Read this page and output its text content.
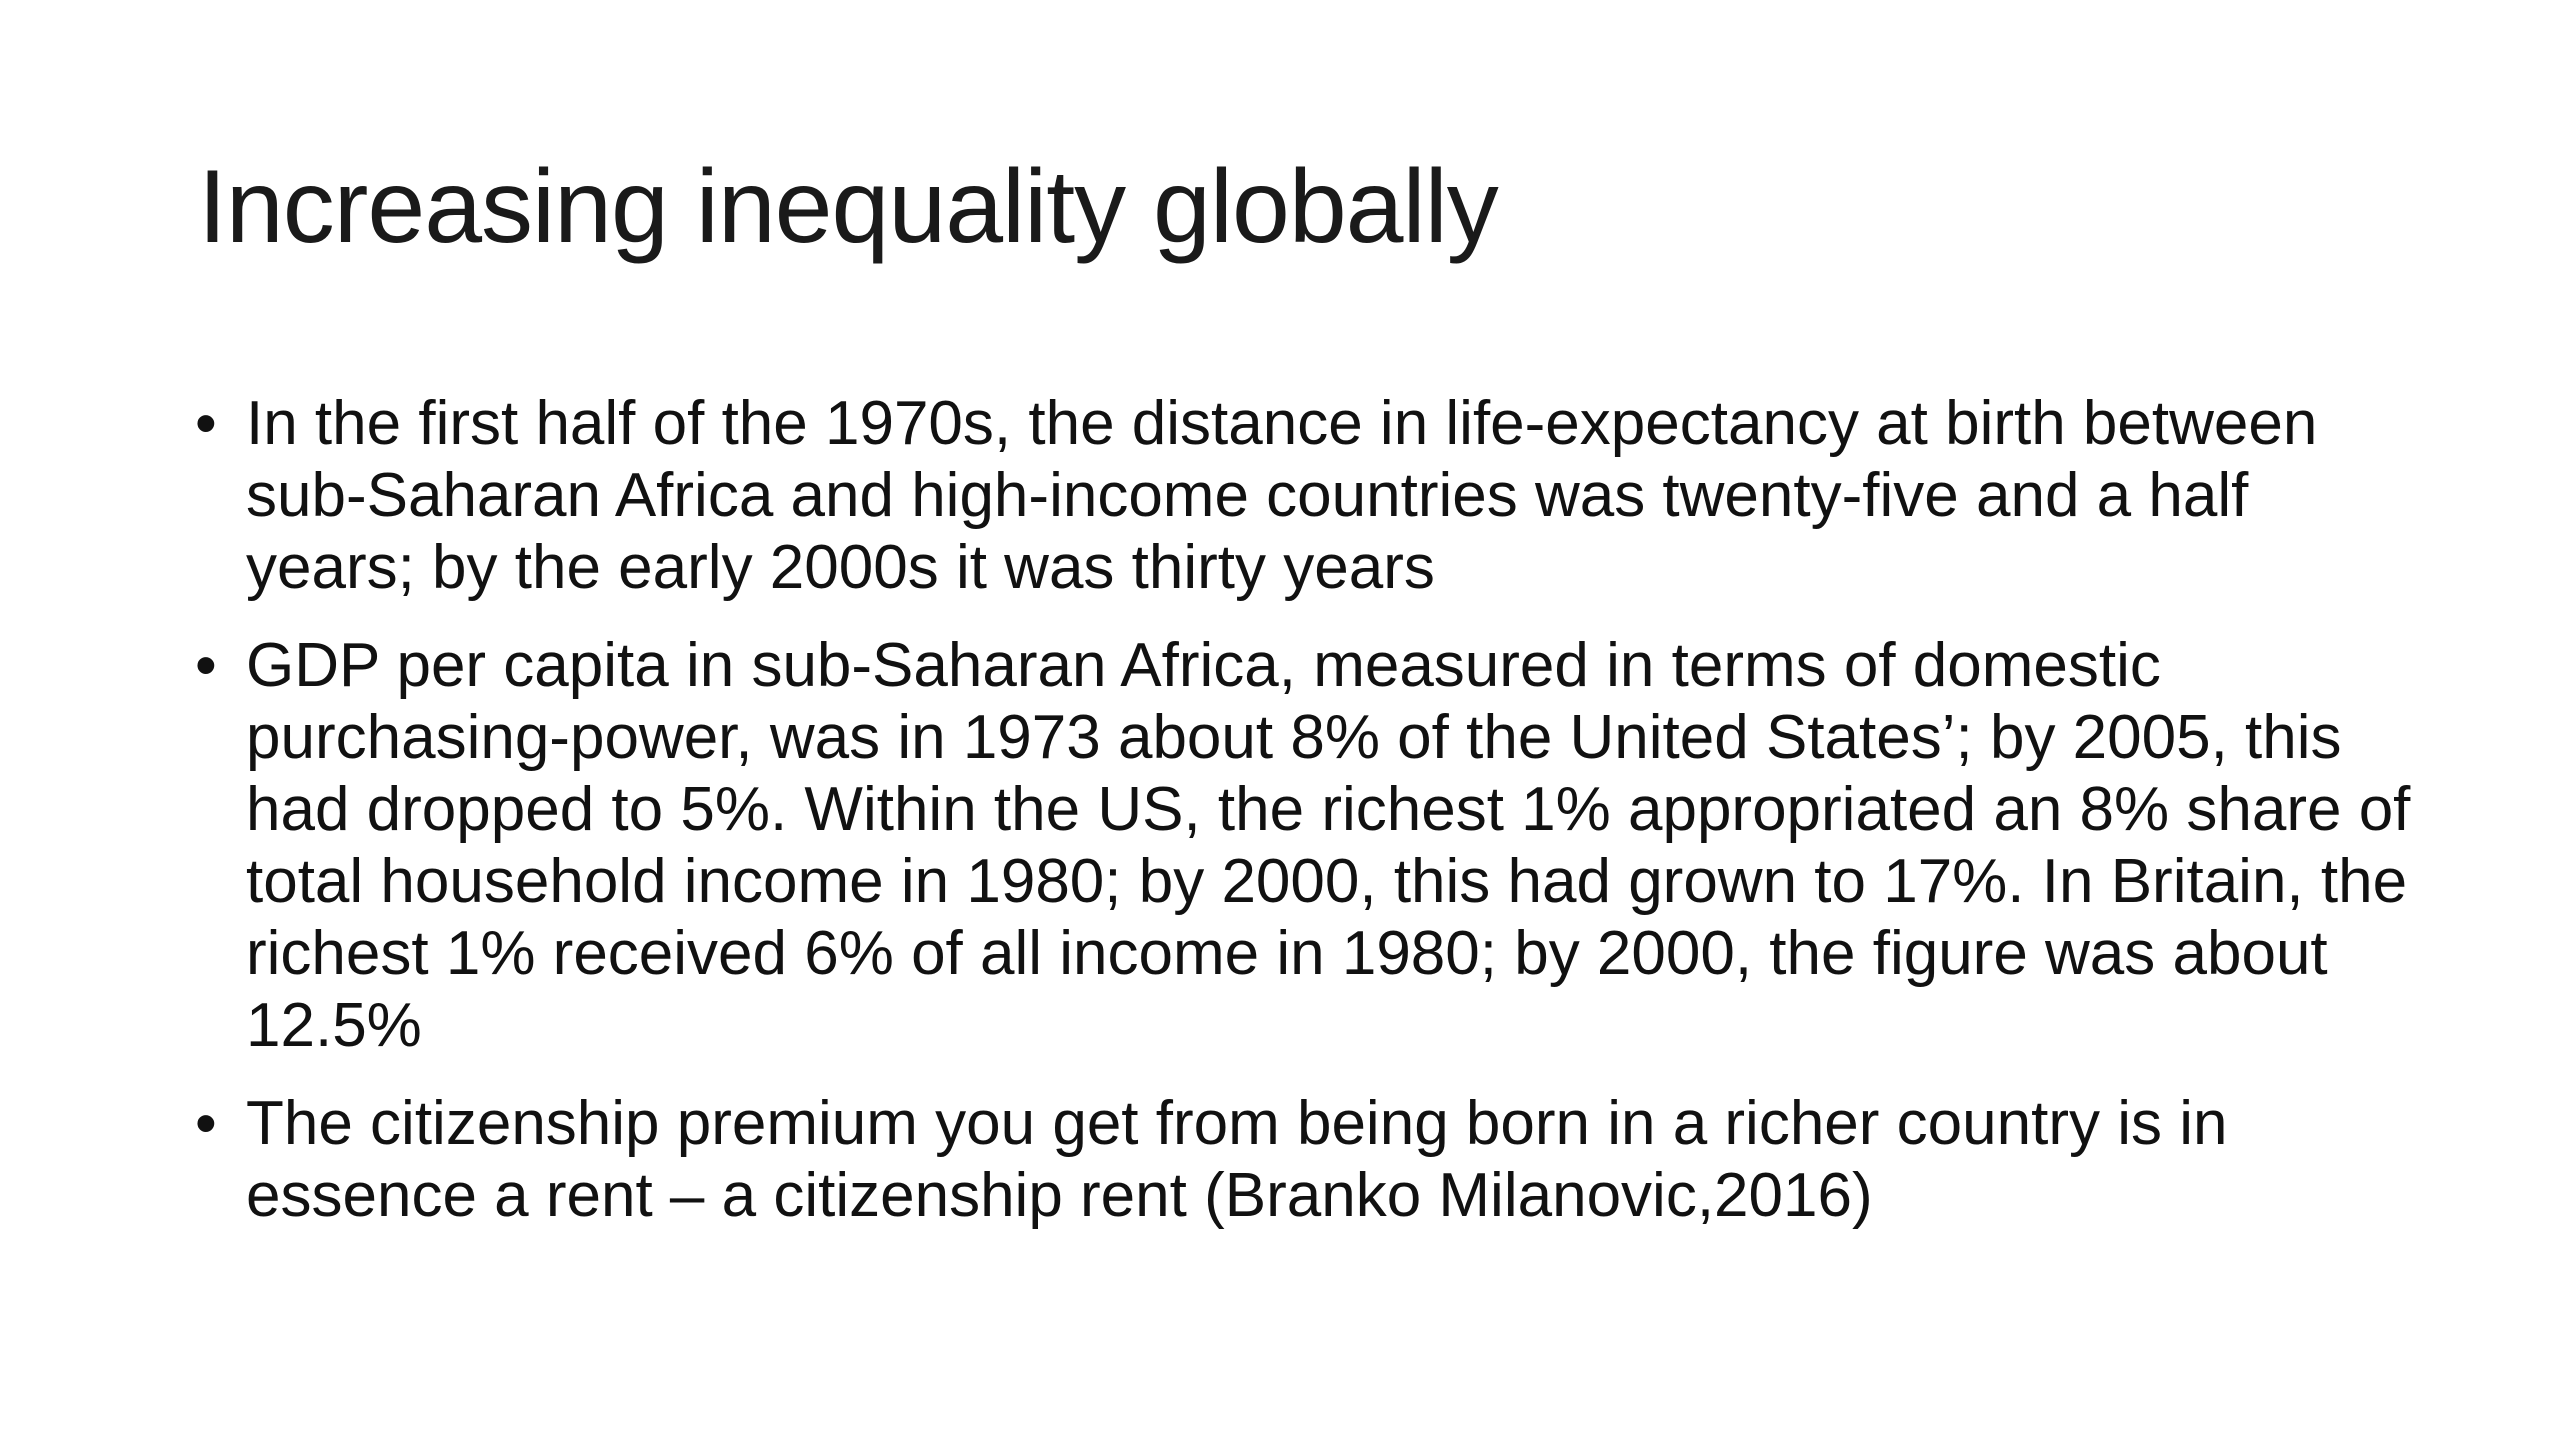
Increasing inequality globally
• In the first half of the 1970s, the distance in life-expectancy at birth between sub-Saharan Africa and high-income countries was twenty-five and a half years; by the early 2000s it was thirty years
• GDP per capita in sub-Saharan Africa, measured in terms of domestic purchasing-power, was in 1973 about 8% of the United States’; by 2005, this had dropped to 5%. Within the US, the richest 1% appropriated an 8% share of total household income in 1980; by 2000, this had grown to 17%. In Britain, the richest 1% received 6% of all income in 1980; by 2000, the figure was about 12.5%
• The citizenship premium you get from being born in a richer country is in essence a rent – a citizenship rent (Branko Milanovic,2016)
